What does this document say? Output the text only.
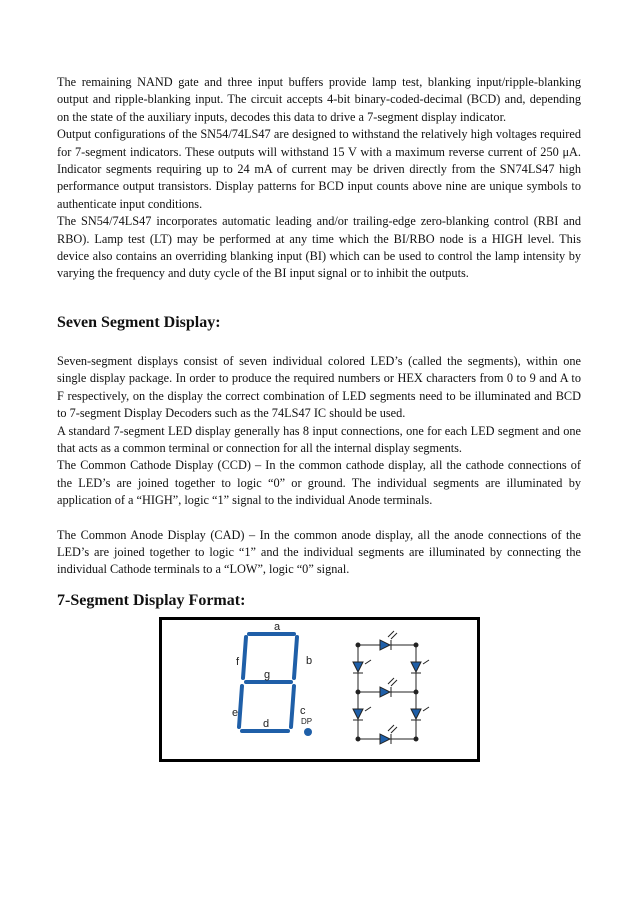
The remaining NAND gate and three input buffers provide lamp test, blanking input/ripple-blanking output and ripple-blanking input. The circuit accepts 4-bit binary-coded-decimal (BCD) and, depending on the state of the auxiliary inputs, decodes this data to drive a 7-segment display indicator.

Output configurations of the SN54/74LS47 are designed to withstand the relatively high voltages required for 7-segment indicators. These outputs will withstand 15 V with a maximum reverse current of 250 μA. Indicator segments requiring up to 24 mA of current may be driven directly from the SN74LS47 high performance output transistors. Display patterns for BCD input counts above nine are unique symbols to authenticate input conditions.

The SN54/74LS47 incorporates automatic leading and/or trailing-edge zero-blanking control (RBI and RBO). Lamp test (LT) may be performed at any time which the BI/RBO node is a HIGH level. This device also contains an overriding blanking input (BI) which can be used to control the lamp intensity by varying the frequency and duty cycle of the BI input signal or to inhibit the outputs.

Seven Segment Display:

Seven-segment displays consist of seven individual colored LED’s (called the segments), within one single display package. In order to produce the required numbers or HEX characters from 0 to 9 and A to F respectively, on the display the correct combination of LED segments need to be illuminated and BCD to 7-segment Display Decoders such as the 74LS47 IC should be used.

A standard 7-segment LED display generally has 8 input connections, one for each LED segment and one that acts as a common terminal or connection for all the internal display segments.

The Common Cathode Display (CCD) – In the common cathode display, all the cathode connections of the LED’s are joined together to logic “0” or ground. The individual segments are illuminated by application of a “HIGH”, logic “1” signal to the individual Anode terminals.

The Common Anode Display (CAD) – In the common anode display, all the anode connections of the LED’s are joined together to logic “1” and the individual segments are illuminated by connecting the individual Cathode terminals to a “LOW”, logic “0” signal.

7-Segment Display Format:
a
b
c
d
e
f
g
DP
